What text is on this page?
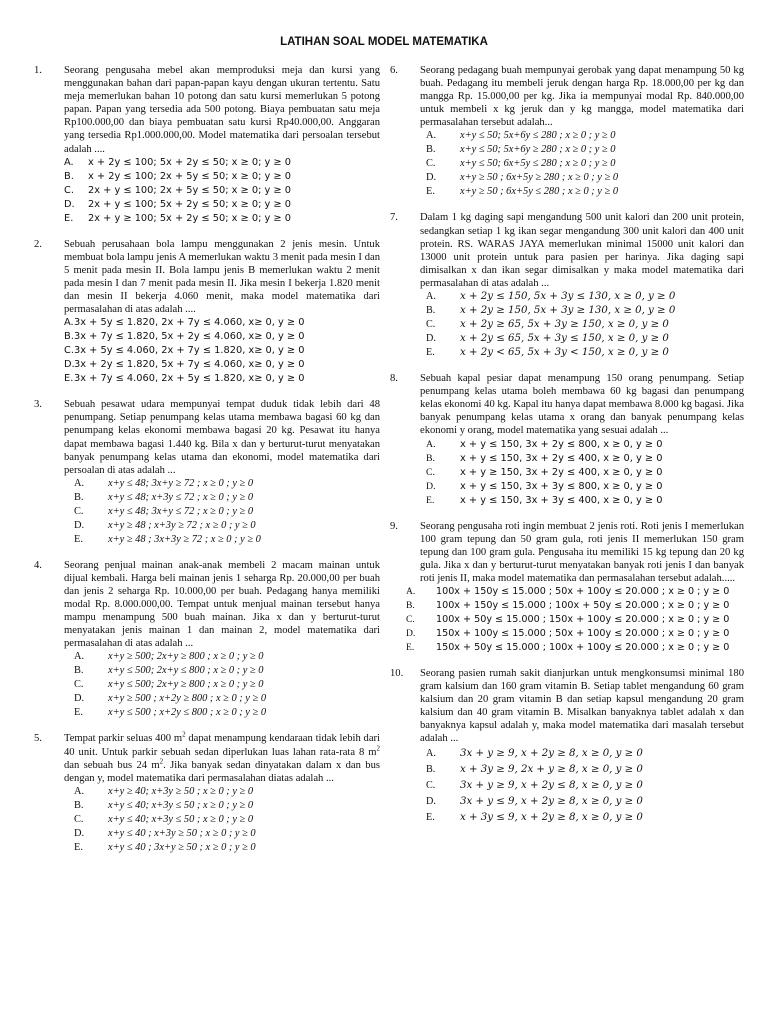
LATIHAN SOAL MODEL MATEMATIKA
1. Seorang pengusaha mebel akan memproduksi meja dan kursi yang menggunakan bahan dari papan-papan kayu dengan ukuran tertentu. Satu meja memerlukan bahan 10 potong dan satu kursi memerlukan 5 potong papan. Papan yang tersedia ada 500 potong. Biaya pembuatan satu meja Rp100.000,00 dan biaya pembuatan satu kursi Rp40.000,00. Anggaran yang tersedia Rp1.000.000,00. Model matematika dari persoalan tersebut adalah ....
A. x + 2y ≤ 100; 5x + 2y ≤ 50; x ≥ 0; y ≥ 0
B. x + 2y ≤ 100; 2x + 5y ≤ 50; x ≥ 0; y ≥ 0
C. 2x + y ≤ 100; 2x + 5y ≤ 50; x ≥ 0; y ≥ 0
D. 2x + y ≤ 100; 5x + 2y ≤ 50; x ≥ 0; y ≥ 0
E. 2x + y ≥ 100; 5x + 2y ≤ 50; x ≥ 0; y ≥ 0
2. Sebuah perusahaan bola lampu menggunakan 2 jenis mesin. Untuk membuat bola lampu jenis A memerlukan waktu 3 menit pada mesin I dan 5 menit pada mesin II. Bola lampu jenis B memerlukan waktu 2 menit pada mesin I dan 7 menit pada mesin II. Jika mesin I bekerja 1.820 menit dan mesin II bekerja 4.060 menit, maka model matematika dari permasalahan di atas adalah ....
A. 3x + 5y ≤ 1.820, 2x + 7y ≤ 4.060, x≥ 0, y ≥ 0
B. 3x + 7y ≤ 1.820, 5x + 2y ≤ 4.060, x≥ 0, y ≥ 0
C. 3x + 5y ≤ 4.060, 2x + 7y ≤ 1.820, x≥ 0, y ≥ 0
D. 3x + 2y ≤ 1.820, 5x + 7y ≤ 4.060, x≥ 0, y ≥ 0
E. 3x + 7y ≤ 4.060, 2x + 5y ≤ 1.820, x≥ 0, y ≥ 0
3. Sebuah pesawat udara mempunyai tempat duduk tidak lebih dari 48 penumpang. Setiap penumpang kelas utama membawa bagasi 60 kg dan penumpang kelas ekonomi membawa bagasi 20 kg. Pesawat itu hanya dapat membawa bagasi 1.440 kg. Bila x dan y berturut-turut menyatakan banyak penumpang kelas utama dan ekonomi, model matematika dari persoalan di atas adalah ...
A. x+y ≤ 48; 3x+y ≥ 72 ; x ≥ 0 ; y ≥ 0
B. x+y ≤ 48; x+3y ≤ 72 ; x ≥ 0 ; y ≥ 0
C. x+y ≤ 48; 3x+y ≤ 72 ; x ≥ 0 ; y ≥ 0
D. x+y ≥ 48 ; x+3y ≥ 72 ; x ≥ 0 ; y ≥ 0
E. x+y ≥ 48 ; 3x+3y ≥ 72 ; x ≥ 0 ; y ≥ 0
4. Seorang penjual mainan anak-anak membeli 2 macam mainan untuk dijual kembali. Harga beli mainan jenis 1 seharga Rp. 20.000,00 per buah dan jenis 2 seharga Rp. 10.000,00 per buah. Pedagang hanya memiliki modal Rp. 8.000.000,00. Tempat untuk menjual mainan tersebut hanya mampu menampung 500 buah mainan. Jika x dan y berturut-turut menyatakan jenis mainan 1 dan mainan 2, model matematika dari permasalahan di atas adalah ...
A. x+y ≥ 500; 2x+y ≥ 800 ; x ≥ 0 ; y ≥ 0
B. x+y ≤ 500; 2x+y ≤ 800 ; x ≥ 0 ; y ≥ 0
C. x+y ≤ 500; 2x+y ≥ 800 ; x ≥ 0 ; y ≥ 0
D. x+y ≥ 500 ; x+2y ≥ 800 ; x ≥ 0 ; y ≥ 0
E. x+y ≤ 500 ; x+2y ≤ 800 ; x ≥ 0 ; y ≥ 0
5. Tempat parkir seluas 400 $m^2$ dapat menampung kendaraan tidak lebih dari 40 unit. Untuk parkir sebuah sedan diperlukan luas lahan rata-rata 8 $m^2$ dan sebuah bus 24 $m^2$. Jika banyak sedan dinyatakan dalam x dan bus dengan y, model matematika dari permasalahan diatas adalah ...
A. x+y ≥ 40; x+3y ≥ 50 ; x ≥ 0 ; y ≥ 0
B. x+y ≤ 40; x+3y ≤ 50 ; x ≥ 0 ; y ≥ 0
C. x+y ≤ 40; x+3y ≤ 50 ; x ≥ 0 ; y ≥ 0
D. x+y ≤ 40 ; x+3y ≥ 50 ; x ≥ 0 ; y ≥ 0
E. x+y ≤ 40 ; 3x+y ≥ 50 ; x ≥ 0 ; y ≥ 0
6. Seorang pedagang buah mempunyai gerobak yang dapat menampung 50 kg buah. Pedagang itu membeli jeruk dengan harga Rp. 18.000,00 per kg dan mangga Rp. 15.000,00 per kg. Jika ia mempunyai modal Rp. 840.000,00 untuk membeli x kg jeruk dan y kg mangga, model matematika dari permasalahan tersebut adalah...
A. x+y ≤ 50; 5x+6y ≤ 280 ; x ≥ 0 ; y ≥ 0
B. x+y ≤ 50; 5x+6y ≥ 280 ; x ≥ 0 ; y ≥ 0
C. x+y ≤ 50; 6x+5y ≤ 280 ; x ≥ 0 ; y ≥ 0
D. x+y ≥ 50 ; 6x+5y ≥ 280 ; x ≥ 0 ; y ≥ 0
E. x+y ≥ 50 ; 6x+5y ≤ 280 ; x ≥ 0 ; y ≥ 0
7. Dalam 1 kg daging sapi mengandung 500 unit kalori dan 200 unit protein, sedangkan setiap 1 kg ikan segar mengandung 300 unit kalori dan 400 unit protein. RS. WARAS JAYA memerlukan minimal 15000 unit kalori dan 13000 unit protein untuk para pasien per harinya. Jika daging sapi dimisalkan x dan ikan segar dimisalkan y maka model matematika dari permasalahan di atas adalah ...
A. x + 2y ≤ 150, 5x + 3y ≤ 130, x ≥ 0, y ≥ 0
B. x + 2y ≥ 150, 5x + 3y ≥ 130, x ≥ 0, y ≥ 0
C. x + 2y ≥ 65, 5x + 3y ≥ 150, x ≥ 0, y ≥ 0
D. x + 2y ≤ 65, 5x + 3y ≤ 150, x ≥ 0, y ≥ 0
E. x + 2y < 65, 5x + 3y < 150, x ≥ 0, y ≥ 0
8. Sebuah kapal pesiar dapat menampung 150 orang penumpang. Setiap penumpang kelas utama boleh membawa 60 kg bagasi dan penumpang kelas ekonomi 40 kg. Kapal itu hanya dapat membawa 8.000 kg bagasi. Jika banyak penumpang kelas utama x orang dan banyak penumpang kelas ekonomi y orang, model matematika yang sesuai adalah ...
A. x + y ≤ 150, 3x + 2y ≤ 800, x ≥ 0, y ≥ 0
B.	x + y ≤ 150, 3x + 2y ≤ 400, x ≥ 0, y ≥ 0
C.	x + y ≥ 150, 3x + 2y ≤ 400, x ≥ 0, y ≥ 0
D. x + y ≤ 150, 3x + 3y ≤ 800, x ≥ 0, y ≥ 0
E.	x + y ≤ 150, 3x + 3y ≤ 400, x ≥ 0, y ≥ 0
9. Seorang pengusaha roti ingin membuat 2 jenis roti. Roti jenis I memerlukan 100 gram tepung dan 50 gram gula, roti jenis II memerlukan 150 gram tepung dan 100 gram gula. Pengusaha itu memiliki 15 kg tepung dan 20 kg gula. Jika x dan y berturut-turut menyatakan banyak roti jenis I dan banyak roti jenis II, maka model matematika dan permasalahan tersebut adalah.....
A. 100x + 150y ≤ 15.000 ; 50x + 100y ≤ 20.000 ; x ≥ 0 ; y ≥ 0
B. 100x + 150y ≤ 15.000 ; 100x + 50y ≤ 20.000 ; x ≥ 0 ; y ≥ 0
C. 100x + 50y ≤ 15.000 ; 150x + 100y ≤ 20.000 ; x ≥ 0 ; y ≥ 0
D. 150x + 100y ≤ 15.000 ; 50x + 100y ≤ 20.000 ; x ≥ 0 ; y ≥ 0
E. 150x + 50y ≤ 15.000 ; 100x + 100y ≤ 20.000 ; x ≥ 0 ; y ≥ 0
10. Seorang pasien rumah sakit dianjurkan untuk mengkonsumsi minimal 180 gram kalsium dan 160 gram vitamin B. Setiap tablet mengandung 60 gram kalsium dan 20 gram vitamin B dan setiap kapsul mengandung 20 gram kalsium dan 40 gram vitamin B. Misalkan banyaknya tablet adalah x dan banyaknya kapsul adalah y, maka model matematika dari masalah tersebut adalah ...
A. 3x + y ≥ 9, x + 2y ≥ 8, x ≥ 0, y ≥ 0
B. x + 3y ≥ 9, 2x + y ≥ 8, x ≥ 0, y ≥ 0
C. 3x + y ≥ 9, x + 2y ≤ 8, x ≥ 0, y ≥ 0
D. 3x + y ≤ 9, x + 2y ≥ 8, x ≥ 0, y ≥ 0
E. x + 3y ≤ 9, x + 2y ≥ 8, x ≥ 0, y ≥ 0
